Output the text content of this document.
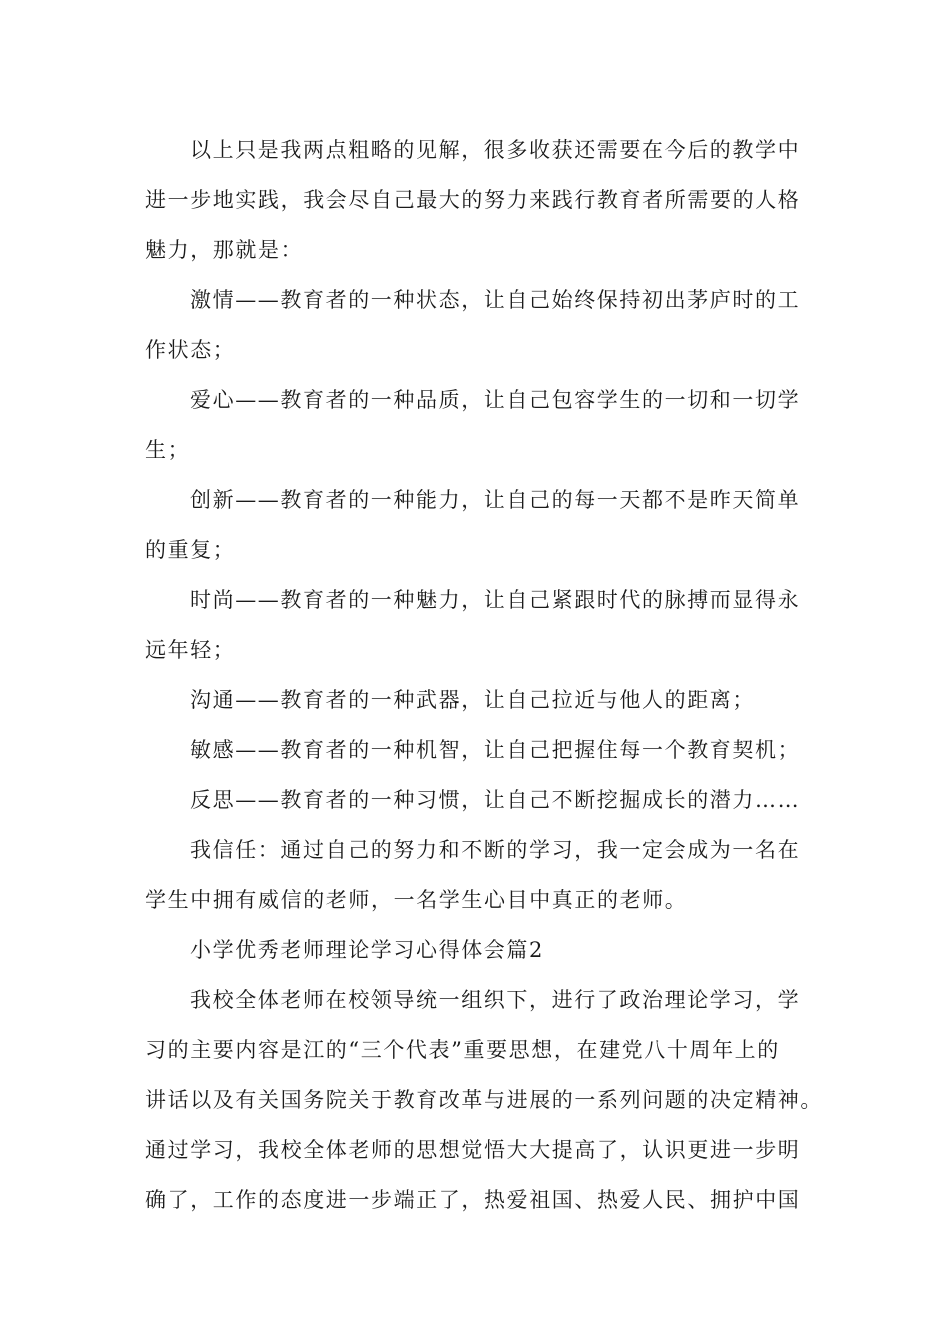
以上只是我两点粗略的见解，很多收获还需要在今后的教学中
进一步地实践，我会尽自己最大的努力来践行教育者所需要的人格
魅力，那就是：
激情——教育者的一种状态，让自己始终保持初出茅庐时的工
作状态；
爱心——教育者的一种品质，让自己包容学生的一切和一切学
生；
创新——教育者的一种能力，让自己的每一天都不是昨天简单
的重复；
时尚——教育者的一种魅力，让自己紧跟时代的脉搏而显得永
远年轻；
沟通——教育者的一种武器，让自己拉近与他人的距离；
敏感——教育者的一种机智，让自己把握住每一个教育契机；
反思——教育者的一种习惯，让自己不断挖掘成长的潜力……
我信任：通过自己的努力和不断的学习，我一定会成为一名在
学生中拥有威信的老师，一名学生心目中真正的老师。
小学优秀老师理论学习心得体会篇2
我校全体老师在校领导统一组织下，进行了政治理论学习，学
习的主要内容是江的“三个代表”重要思想，在建党八十周年上的
讲话以及有关国务院关于教育改革与进展的一系列问题的决定精神。
通过学习，我校全体老师的思想觉悟大大提高了，认识更进一步明
确了，工作的态度进一步端正了，热爱祖国、热爱人民、拥护中国
